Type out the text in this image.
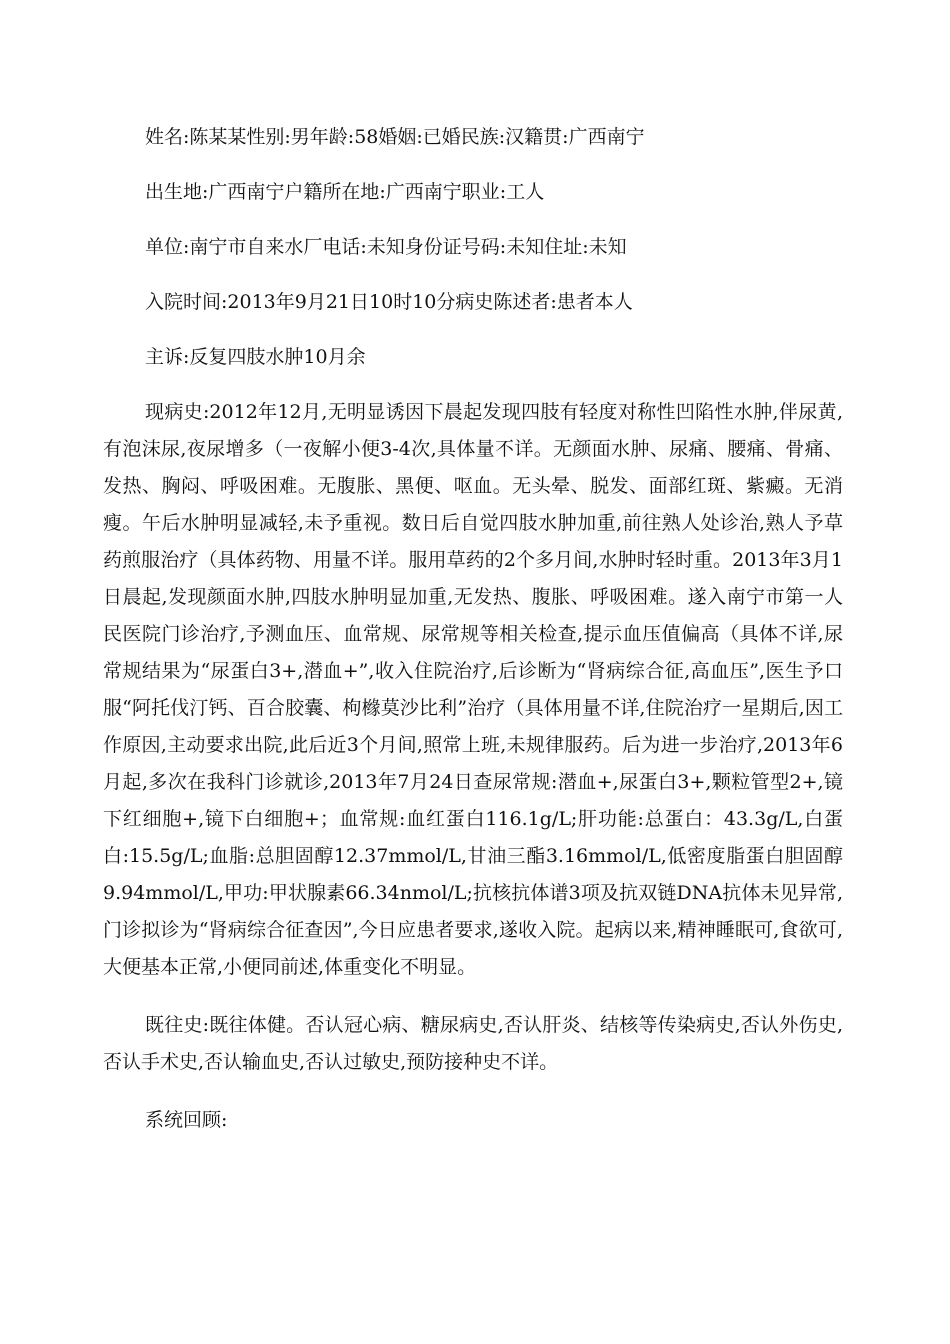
姓名:陈某某性别:男年龄:58婚姻:已婚民族:汉籍贯:广西南宁

出生地:广西南宁户籍所在地:广西南宁职业:工人

单位:南宁市自来水厂电话:未知身份证号码:未知住址:未知

入院时间:2013年9月21日10时10分病史陈述者:患者本人

主诉:反复四肢水肿10月余

现病史:2012年12月,无明显诱因下晨起发现四肢有轻度对称性凹陷性水肿,伴尿黄,有泡沫尿,夜尿增多（一夜解小便3-4次,具体量不详。无颜面水肿、尿痛、腰痛、骨痛、发热、胸闷、呼吸困难。无腹胀、黑便、呕血。无头晕、脱发、面部红斑、紫癜。无消瘦。午后水肿明显减轻,未予重视。数日后自觉四肢水肿加重,前往熟人处诊治,熟人予草药煎服治疗（具体药物、用量不详。服用草药的2个多月间,水肿时轻时重。2013年3月1日晨起,发现颜面水肿,四肢水肿明显加重,无发热、腹胀、呼吸困难。遂入南宁市第一人民医院门诊治疗,予测血压、血常规、尿常规等相关检查,提示血压值偏高（具体不详,尿常规结果为“尿蛋白3+,潜血+”,收入住院治疗,后诊断为“肾病综合征,高血压”,医生予口服“阿托伐汀钙、百合胶囊、枸橼莫沙比利”治疗（具体用量不详,住院治疗一星期后,因工作原因,主动要求出院,此后近3个月间,照常上班,未规律服药。后为进一步治疗,2013年6月起,多次在我科门诊就诊,2013年7月24日查尿常规:潜血+,尿蛋白3+,颗粒管型2+,镜下红细胞+,镜下白细胞+；血常规:血红蛋白116.1g/L;肝功能:总蛋白：43.3g/L,白蛋白:15.5g/L;血脂:总胆固醇12.37mmol/L,甘油三酯3.16mmol/L,低密度脂蛋白胆固醇9.94mmol/L,甲功:甲状腺素66.34nmol/L;抗核抗体谱3项及抗双链DNA抗体未见异常,门诊拟诊为“肾病综合征查因”,今日应患者要求,遂收入院。起病以来,精神睡眠可,食欲可,大便基本正常,小便同前述,体重变化不明显。

既往史:既往体健。否认冠心病、糖尿病史,否认肝炎、结核等传染病史,否认外伤史,否认手术史,否认输血史,否认过敏史,预防接种史不详。

系统回顾:
